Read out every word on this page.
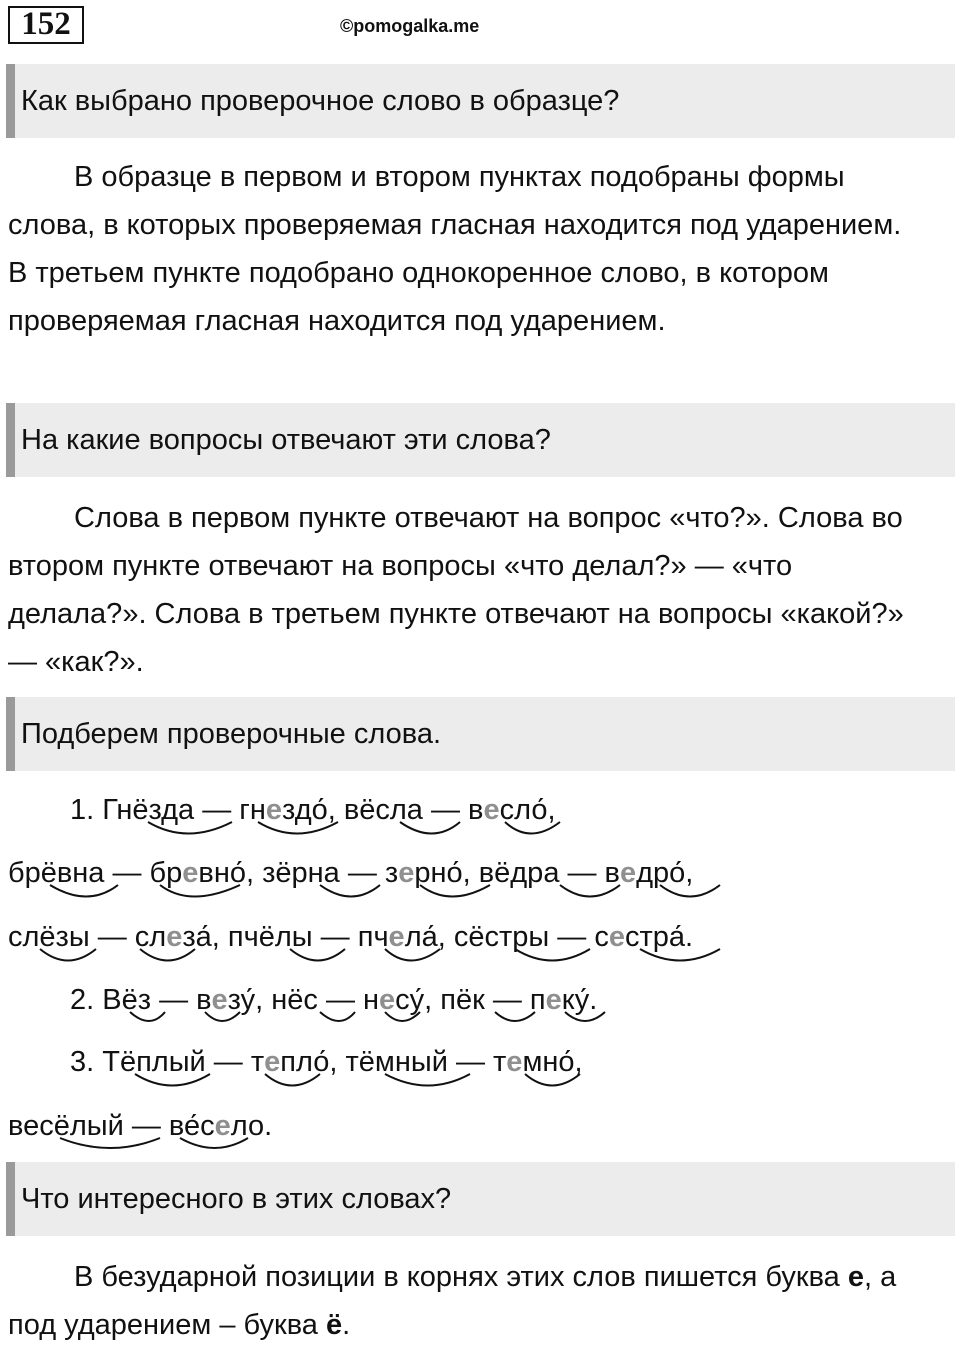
152	©pomogalka.me
Как выбрано проверочное слово в образце?
В образце в первом и втором пунктах подобраны формы слова, в которых проверяемая гласная находится под ударением. В третьем пункте подобрано однокоренное слово, в котором проверяемая гласная находится под ударением.
На какие вопросы отвечают эти слова?
Слова в первом пункте отвечают на вопрос «что?». Слова во втором пункте отвечают на вопросы «что делал?» — «что делала?». Слова в третьем пункте отвечают на вопросы «какой?» — «как?».
Подберем проверочные слова.
1. Гнёзда — гнездо́, вёсла — весло́,
брёвна — бревно́, зёрна — зерно́, вёдра — ведро́,
слёзы — слеза́, пчёлы — пчела́, сёстры — сестра́.
2. Вёз — везу́, нёс — несу́, пёк — пеку́.
3. Тёплый — тепло́, тёмный — темно́,
весёлый — ве́село.
Что интересного в этих словах?
В безударной позиции в корнях этих слов пишется буква е, а под ударением – буква ё.
